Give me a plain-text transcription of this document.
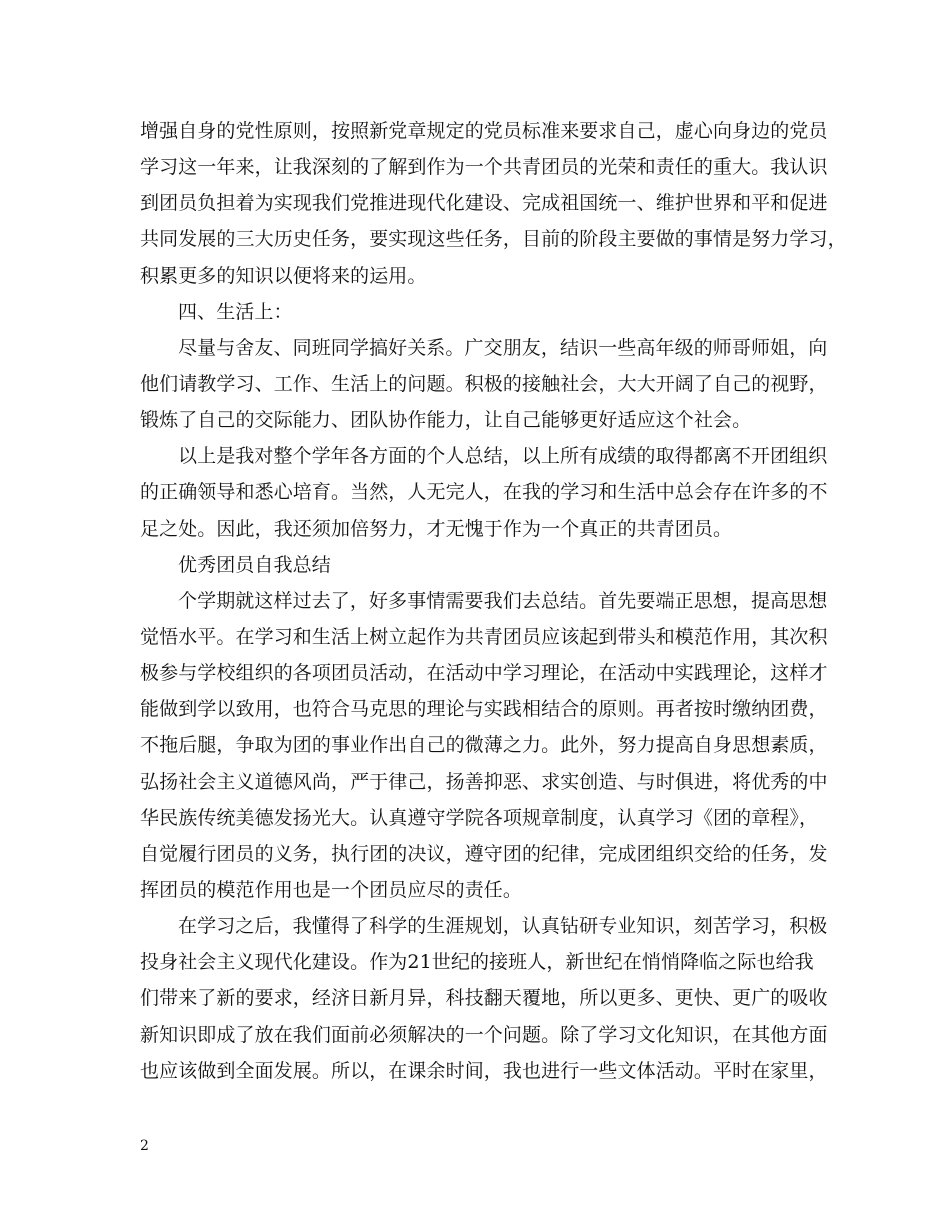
增强自身的党性原则，按照新党章规定的党员标准来要求自己，虚心向身边的党员
学习这一年来，让我深刻的了解到作为一个共青团员的光荣和责任的重大。我认识
到团员负担着为实现我们党推进现代化建设、完成祖国统一、维护世界和平和促进
共同发展的三大历史任务，要实现这些任务，目前的阶段主要做的事情是努力学习，
积累更多的知识以便将来的运用。
四、生活上：
尽量与舍友、同班同学搞好关系。广交朋友，结识一些高年级的师哥师姐，向
他们请教学习、工作、生活上的问题。积极的接触社会，大大开阔了自己的视野，
锻炼了自己的交际能力、团队协作能力，让自己能够更好适应这个社会。
以上是我对整个学年各方面的个人总结，以上所有成绩的取得都离不开团组织
的正确领导和悉心培育。当然，人无完人，在我的学习和生活中总会存在许多的不
足之处。因此，我还须加倍努力，才无愧于作为一个真正的共青团员。
优秀团员自我总结
个学期就这样过去了，好多事情需要我们去总结。首先要端正思想，提高思想
觉悟水平。在学习和生活上树立起作为共青团员应该起到带头和模范作用，其次积
极参与学校组织的各项团员活动，在活动中学习理论，在活动中实践理论，这样才
能做到学以致用，也符合马克思的理论与实践相结合的原则。再者按时缴纳团费，
不拖后腿，争取为团的事业作出自己的微薄之力。此外，努力提高自身思想素质，
弘扬社会主义道德风尚，严于律己，扬善抑恶、求实创造、与时俱进，将优秀的中
华民族传统美德发扬光大。认真遵守学院各项规章制度，认真学习《团的章程》，
自觉履行团员的义务，执行团的决议，遵守团的纪律，完成团组织交给的任务，发
挥团员的模范作用也是一个团员应尽的责任。
在学习之后，我懂得了科学的生涯规划，认真钻研专业知识，刻苦学习，积极
投身社会主义现代化建设。作为21世纪的接班人，新世纪在悄悄降临之际也给我
们带来了新的要求，经济日新月异，科技翻天覆地，所以更多、更快、更广的吸收
新知识即成了放在我们面前必须解决的一个问题。除了学习文化知识，在其他方面
也应该做到全面发展。所以，在课余时间，我也进行一些文体活动。平时在家里，
2
